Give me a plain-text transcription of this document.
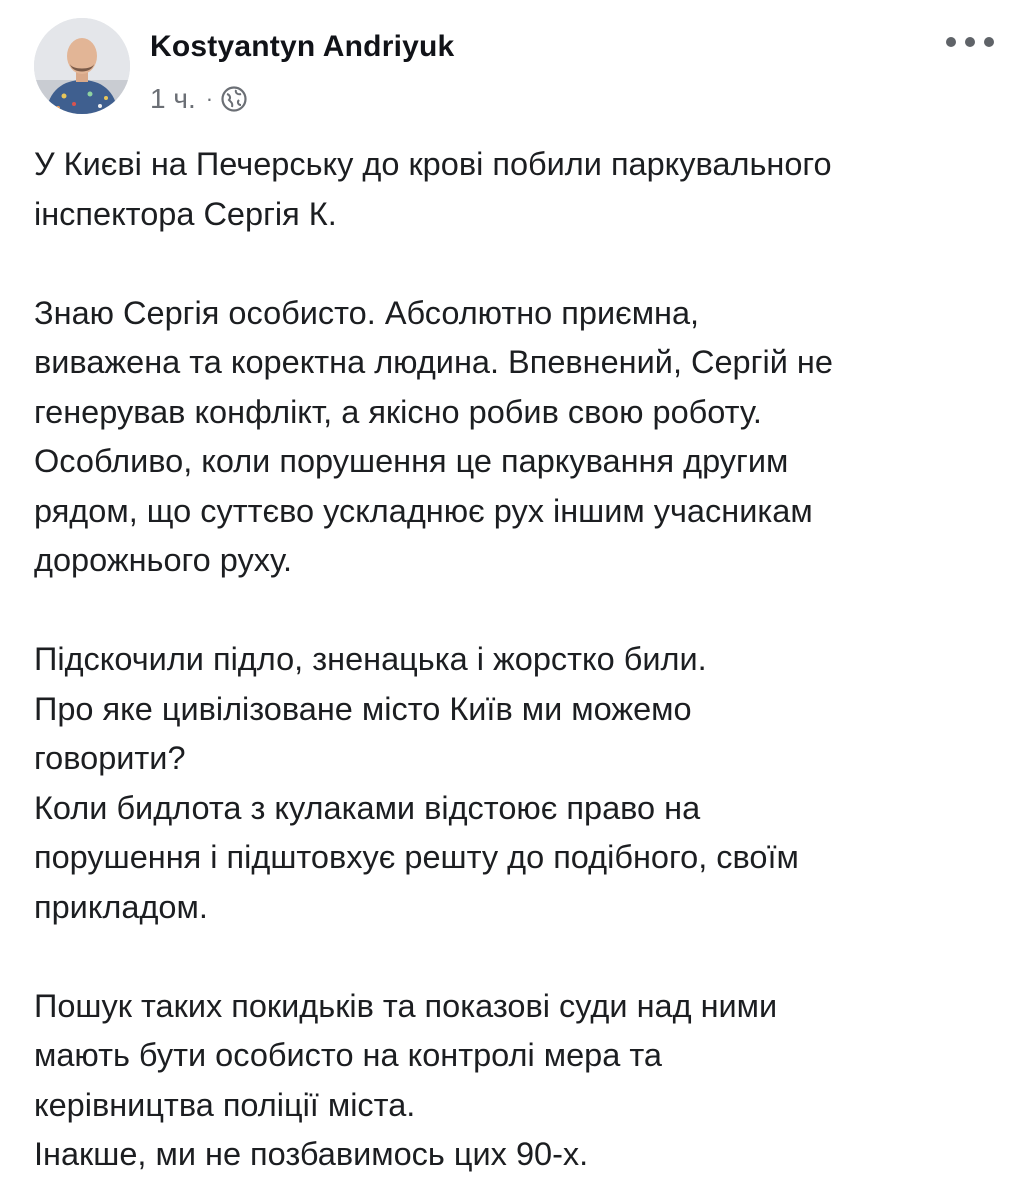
Kostyantyn Andriyuk
1 ч. ·

У Києві на Печерську до крові побили паркувального

інспектора Сергія К.

Знаю Сергія особисто. Абсолютно приємна,

виважена та коректна людина. Впевнений, Сергій не

генерував конфлікт, а якісно робив свою роботу.

Особливо, коли порушення це паркування другим

рядом, що суттєво ускладнює рух іншим учасникам

дорожнього руху.

Підскочили підло, зненацька і жорстко били.

Про яке цивілізоване місто Київ ми можемо

говорити?

Коли бидлота з кулаками відстоює право на

порушення і підштовхує решту до подібного, своїм

прикладом.

Пошук таких покидьків та показові суди над ними

мають бути особисто на контролі мера та

керівництва поліції міста.

Інакше, ми не позбавимось цих 90-х.
